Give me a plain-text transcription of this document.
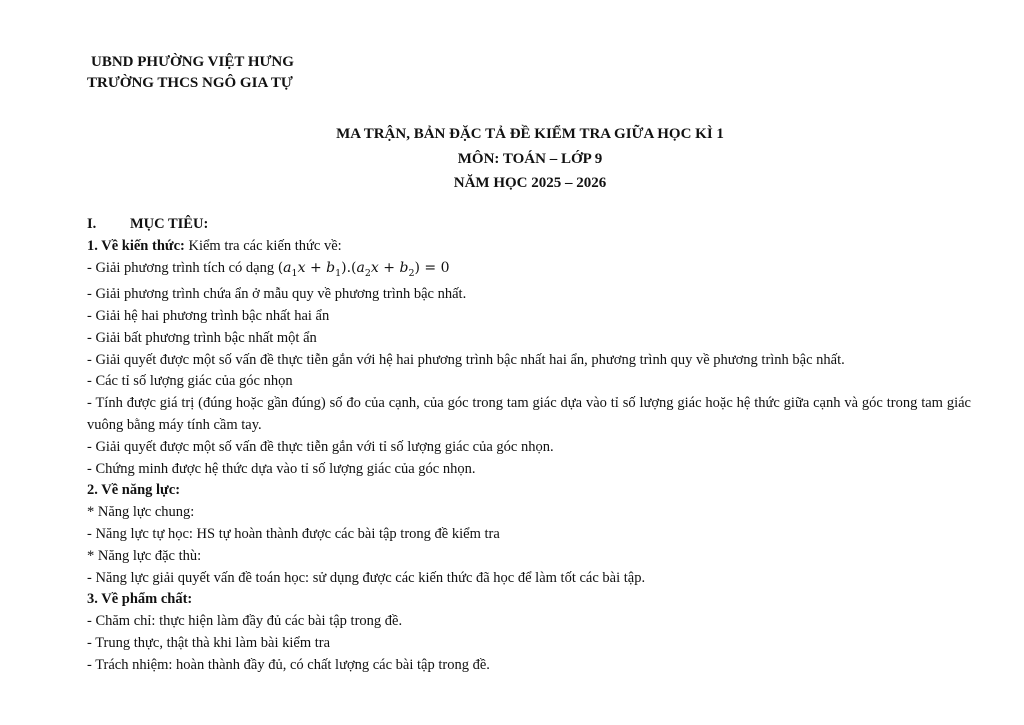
UBND PHƯỜNG VIỆT HƯNG
TRƯỜNG THCS NGÔ GIA TỰ
MA TRẬN, BẢN ĐẶC TẢ ĐỀ KIỂM TRA GIỮA HỌC KÌ 1
MÔN: TOÁN – LỚP 9
NĂM HỌC 2025 – 2026

I.	MỤC TIÊU:

1. Về kiến thức: Kiểm tra các kiến thức về:

- Giải phương trình tích có dạng $(a_1x + b_1).(a_2x + b_2) = 0$

- Giải phương trình chứa ẩn ở mẫu quy về phương trình bậc nhất.

- Giải hệ hai phương trình bậc nhất hai ẩn

- Giải bất phương trình bậc nhất một ẩn

- Giải quyết được một số vấn đề thực tiễn gắn với hệ hai phương trình bậc nhất hai ẩn, phương trình quy về phương trình bậc nhất.

- Các tỉ số lượng giác của góc nhọn

- Tính được giá trị (đúng hoặc gần đúng) số đo của cạnh, của góc trong tam giác dựa vào tỉ số lượng giác hoặc hệ thức giữa cạnh và góc trong tam giác vuông bằng máy tính cầm tay.

- Giải quyết được một số vấn đề thực tiễn gắn với tỉ số lượng giác của góc nhọn.

- Chứng minh được hệ thức dựa vào tỉ số lượng giác của góc nhọn.

2. Về năng lực:

* Năng lực chung:

- Năng lực tự học: HS tự hoàn thành được các bài tập trong đề kiểm tra

* Năng lực đặc thù:

- Năng lực giải quyết vấn đề toán học: sử dụng được các kiến thức đã học để làm tốt các bài tập.

3. Về phẩm chất:

- Chăm chỉ: thực hiện làm đầy đủ các bài tập trong đề.

- Trung thực, thật thà khi làm bài kiểm tra

- Trách nhiệm: hoàn thành đầy đủ, có chất lượng các bài tập trong đề.
